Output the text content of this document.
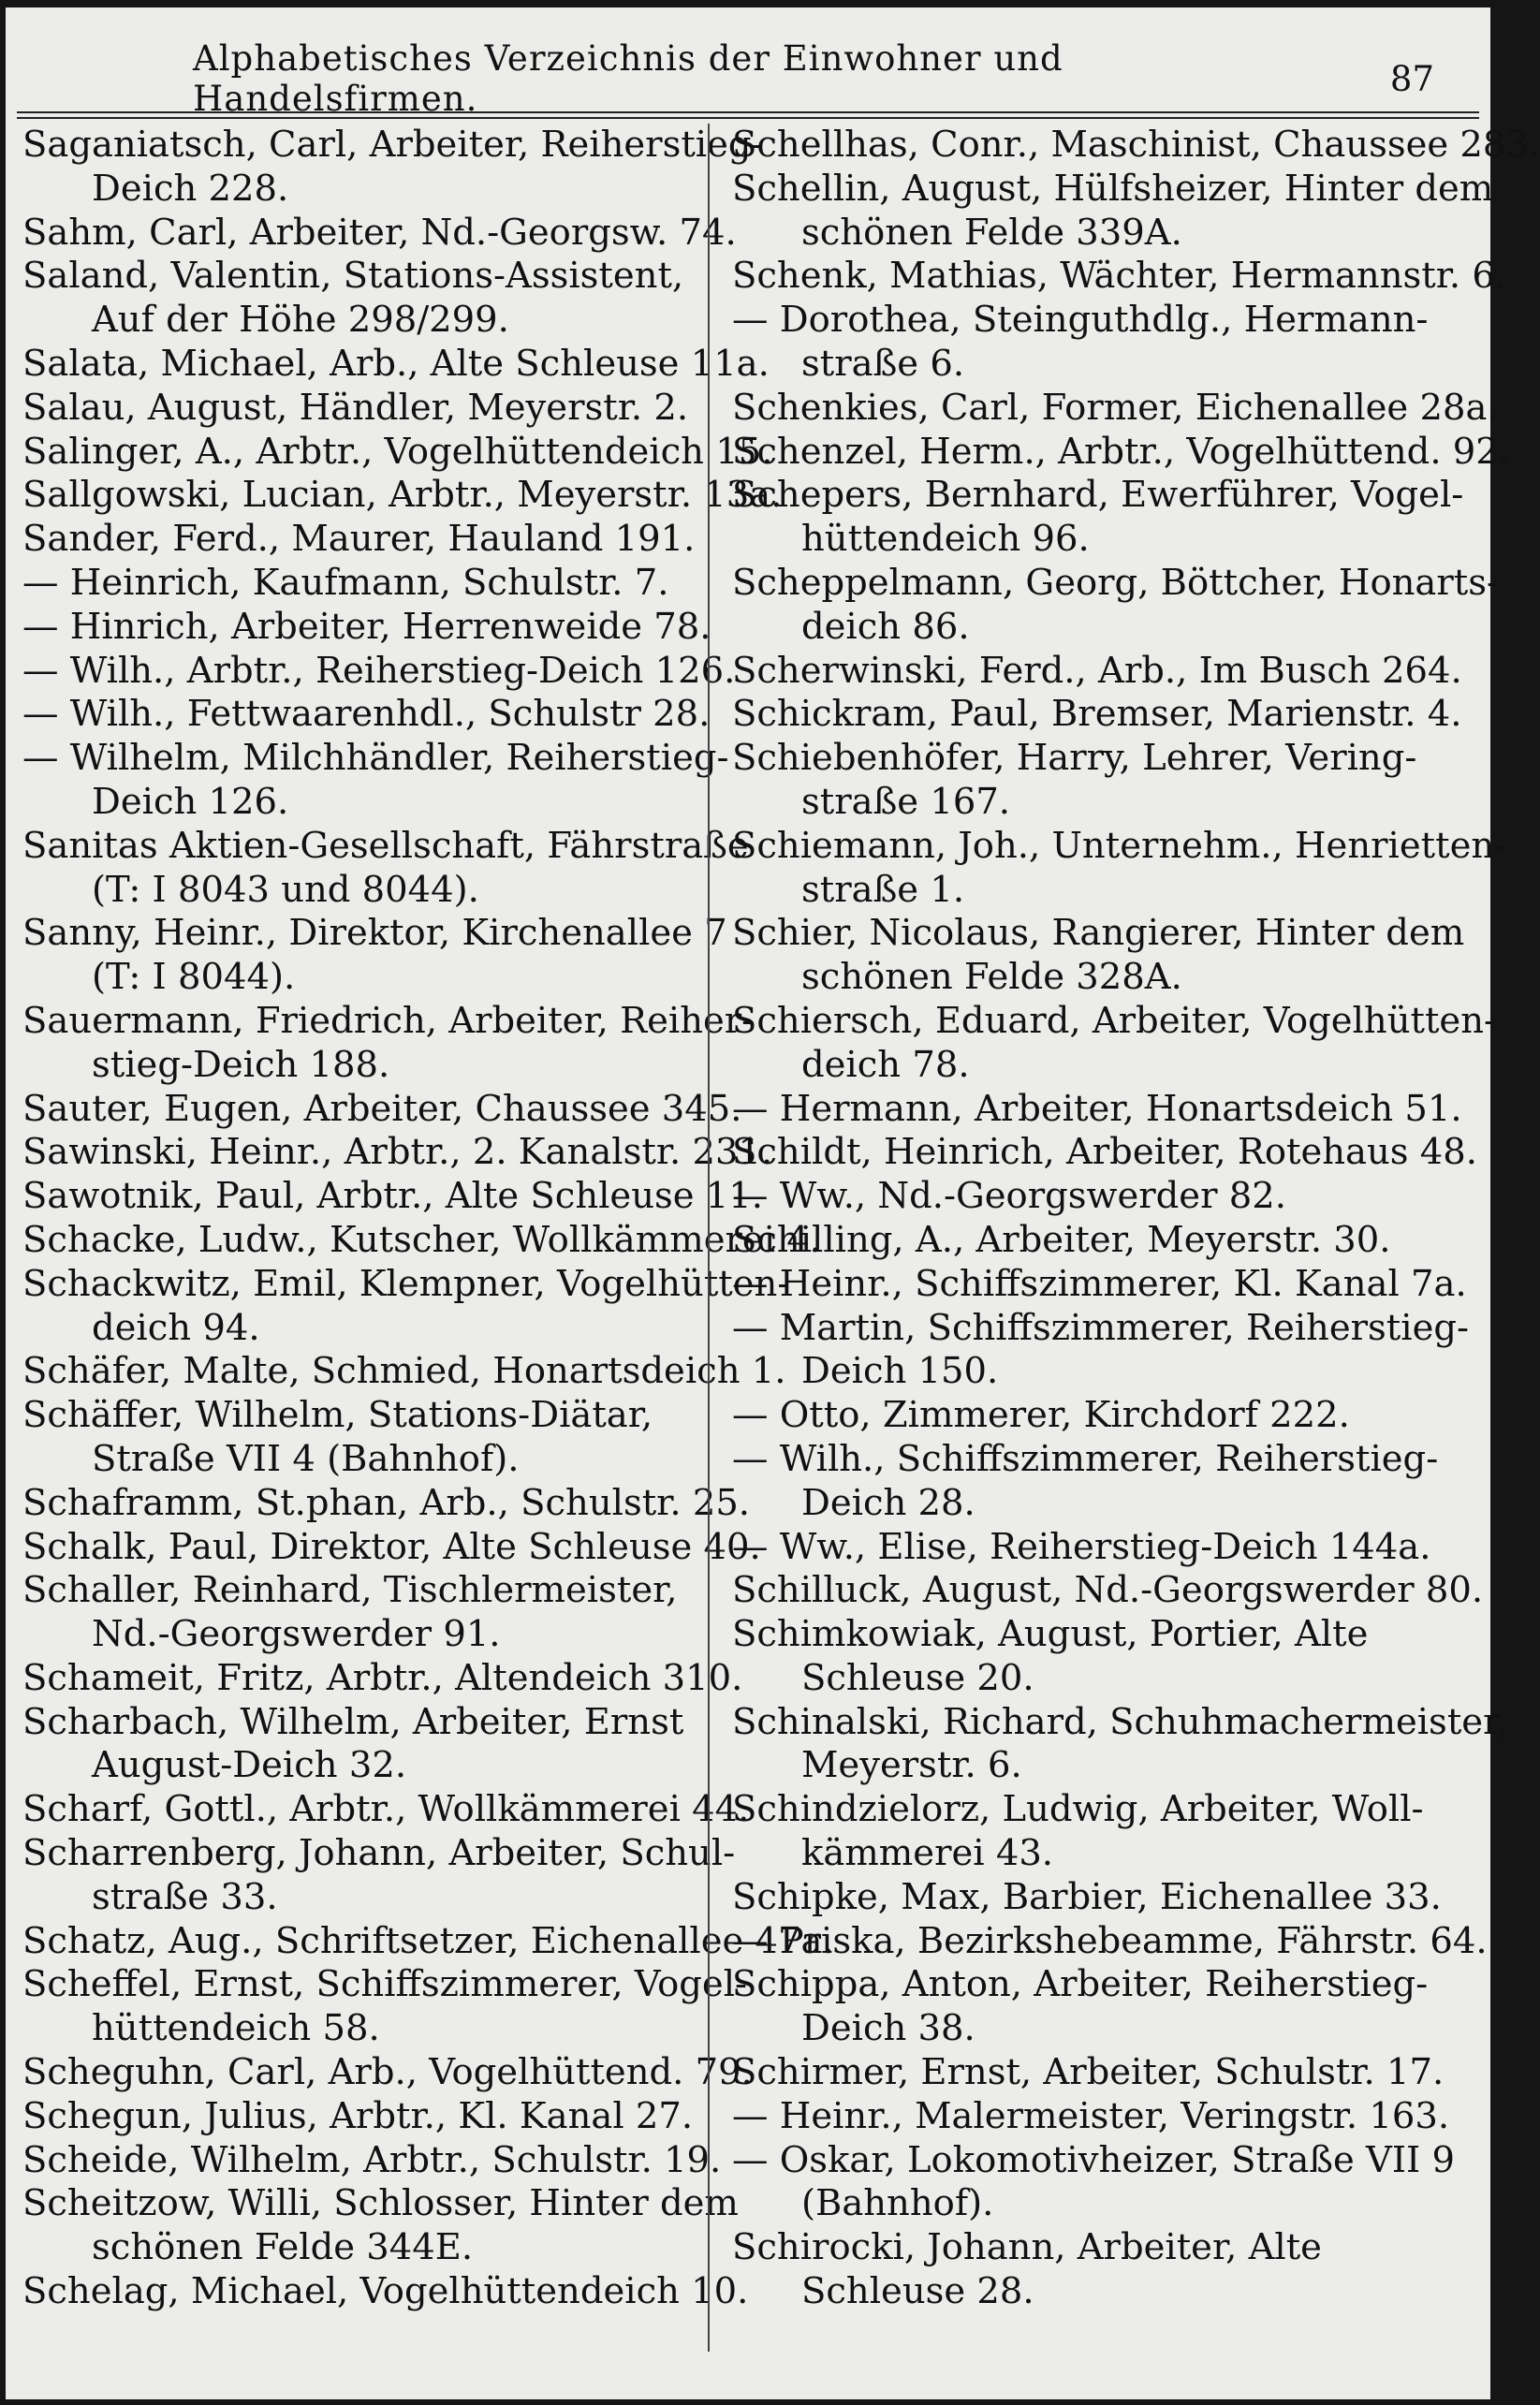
Alphabetisches Verzeichnis der Einwohner und Handelsfirmen.	87
Saganiatsch, Carl, Arbeiter, Reiherstieg-
Deich 228.
Sahm, Carl, Arbeiter, Nd.-Georgsw. 74.
Saland, Valentin, Stations-Assistent,
Auf der Höhe 298/299.
Salata, Michael, Arb., Alte Schleuse 11a.
Salau, August, Händler, Meyerstr. 2.
Salinger, A., Arbtr., Vogelhüttendeich 15.
Sallgowski, Lucian, Arbtr., Meyerstr. 13a.
Sander, Ferd., Maurer, Hauland 191.
— Heinrich, Kaufmann, Schulstr. 7.
— Hinrich, Arbeiter, Herrenweide 78.
— Wilh., Arbtr., Reiherstieg-Deich 126.
— Wilh., Fettwaarenhdl., Schulstr 28.
— Wilhelm, Milchhändler, Reiherstieg-
Deich 126.
Sanitas Aktien-Gesellschaft, Fährstraße
(T: I 8043 und 8044).
Sanny, Heinr., Direktor, Kirchenallee 7
(T: I 8044).
Sauermann, Friedrich, Arbeiter, Reiher-
stieg-Deich 188.
Sauter, Eugen, Arbeiter, Chaussee 345.
Sawinski, Heinr., Arbtr., 2. Kanalstr. 231.
Sawotnik, Paul, Arbtr., Alte Schleuse 11.
Schacke, Ludw., Kutscher, Wollkämmerei 4.
Schackwitz, Emil, Klempner, Vogelhütten-
deich 94.
Schäfer, Malte, Schmied, Honartsdeich 1.
Schäffer, Wilhelm, Stations-Diätar,
Straße VII 4 (Bahnhof).
Schaframm, St.phan, Arb., Schulstr. 25.
Schalk, Paul, Direktor, Alte Schleuse 40.
Schaller, Reinhard, Tischlermeister,
Nd.-Georgswerder 91.
Schameit, Fritz, Arbtr., Altendeich 310.
Scharbach, Wilhelm, Arbeiter, Ernst
August-Deich 32.
Scharf, Gottl., Arbtr., Wollkämmerei 44.
Scharrenberg, Johann, Arbeiter, Schul-
straße 33.
Schatz, Aug., Schriftsetzer, Eichenallee 47a.
Scheffel, Ernst, Schiffszimmerer, Vogel-
hüttendeich 58.
Scheguhn, Carl, Arb., Vogelhüttend. 79.
Schegun, Julius, Arbtr., Kl. Kanal 27.
Scheide, Wilhelm, Arbtr., Schulstr. 19.
Scheitzow, Willi, Schlosser, Hinter dem
schönen Felde 344E.
Schelag, Michael, Vogelhüttendeich 10.
Schellhas, Conr., Maschinist, Chaussee 283.
Schellin, August, Hülfsheizer, Hinter dem
schönen Felde 339A.
Schenk, Mathias, Wächter, Hermannstr. 6.
— Dorothea, Steinguthdlg., Hermann-
straße 6.
Schenkies, Carl, Former, Eichenallee 28a.
Schenzel, Herm., Arbtr., Vogelhüttend. 92.
Schepers, Bernhard, Ewerführer, Vogel-
hüttendeich 96.
Scheppelmann, Georg, Böttcher, Honarts-
deich 86.
Scherwinski, Ferd., Arb., Im Busch 264.
Schickram, Paul, Bremser, Marienstr. 4.
Schiebenhöfer, Harry, Lehrer, Vering-
straße 167.
Schiemann, Joh., Unternehm., Henrietten-
straße 1.
Schier, Nicolaus, Rangierer, Hinter dem
schönen Felde 328A.
Schiersch, Eduard, Arbeiter, Vogelhütten-
deich 78.
— Hermann, Arbeiter, Honartsdeich 51.
Schildt, Heinrich, Arbeiter, Rotehaus 48.
— Ww., Nd.-Georgswerder 82.
Schilling, A., Arbeiter, Meyerstr. 30.
— Heinr., Schiffszimmerer, Kl. Kanal 7a.
— Martin, Schiffszimmerer, Reiherstieg-
Deich 150.
— Otto, Zimmerer, Kirchdorf 222.
— Wilh., Schiffszimmerer, Reiherstieg-
Deich 28.
— Ww., Elise, Reiherstieg-Deich 144a.
Schilluck, August, Nd.-Georgswerder 80.
Schimkowiak, August, Portier, Alte
Schleuse 20.
Schinalski, Richard, Schuhmachermeister,
Meyerstr. 6.
Schindzielorz, Ludwig, Arbeiter, Woll-
kämmerei 43.
Schipke, Max, Barbier, Eichenallee 33.
— Priska, Bezirkshebeamme, Fährstr. 64.
Schippa, Anton, Arbeiter, Reiherstieg-
Deich 38.
Schirmer, Ernst, Arbeiter, Schulstr. 17.
— Heinr., Malermeister, Veringstr. 163.
— Oskar, Lokomotivheizer, Straße VII 9
(Bahnhof).
Schirocki, Johann, Arbeiter, Alte
Schleuse 28.
